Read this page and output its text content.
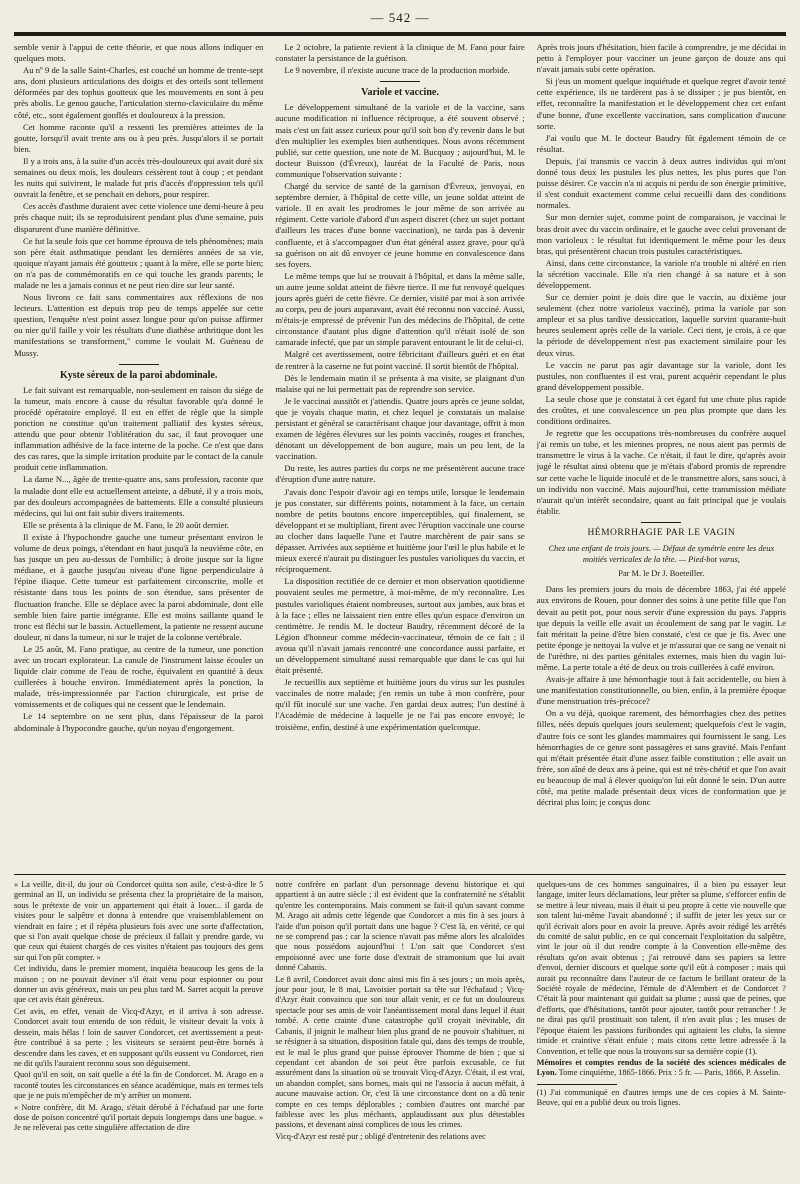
— 542 —

semble venir à l'appui de cette théorie, et que nous allons indiquer en quelques mots.

Au nº 9 de la salle Saint-Charles, est couché un homme de trente-sept ans, dont plusieurs articulations des doigts et des orteils sont tellement déformées par des tophus goutteux que les mouvements en sont à peu près abolis. Le genou gauche, l'articulation sterno-claviculaire du même côté, etc., sont également gonflés et douloureux à la pression.

Cet homme raconte qu'il a ressenti les premières atteintes de la goutte, lorsqu'il avait trente ans ou à peu près. Jusqu'alors il se portait bien.

Il y a trois ans, à la suite d'un accès très-douloureux qui avait duré six semaines ou deux mois, les douleurs cessèrent tout à coup ; et pendant les nuits qui suivirent, le malade fut pris d'accès d'oppression tels qu'il ouvrait la fenêtre, et se penchait en dehors, pour respirer.

Ces accès d'asthme duraient avec cette violence une demi-heure à peu près chaque nuit; ils se reproduisirent pendant plus d'une semaine, puis disparurent d'une manière définitive.

Ce fut la seule fois que cet homme éprouva de tels phénomènes; mais son père était asthmatique pendant les dernières années de sa vie, quoique n'ayant jamais été goutteux ; quant à la mère, elle se porte bien; on n'a pas de commémoratifs en ce qui touche les grands parents; le malade ne les a jamais connus et ne peut rien dire sur leur santé.

Nous livrons ce fait sans commentaires aux réflexions de nos lecteurs. L'attention est depuis trop peu de temps appelée sur cette question, l'enquête n'est point assez longue pour qu'on puisse affirmer ou nier qu'il faille y voir les résultats d'une diathèse arthritique dont les manifestations se transforment," comme le voulait M. Guéneau de Mussy.

Kyste séreux de la paroi abdominale.

Le fait suivant est remarquable, non-seulement en raison du siége de la tumeur, mais encore à cause du résultat favorable qu'a donné le procédé opératoire employé. Il est en effet de règle que la simple ponction ne constitue qu'un traitement palliatif des kystes séreux, attendu que pour obtenir l'oblitération du sac, il faut provoquer une inflammation adhésive de la face interne de la poche. Ce n'est que dans des cas rares, que la simple irritation produite par le contact de la canule produit cette inflammation.

La dame N..., âgée de trente-quatre ans, sans profession, raconte que la maladie dont elle est actuellement atteinte, a débuté, il y a trois mois, par des douleurs accompagnées de battements. Elle a consulté plusieurs médecins, qui lui ont fait subir divers traitements.

Elle se présenta à la clinique de M. Fano, le 20 août dernier.

Il existe à l'hypochondre gauche une tumeur présentant environ le volume de deux poings, s'étendant en haut jusqu'à la neuvième côte, en bas jusque un peu au-dessus de l'ombilic; à droite jusque sur la ligne médiane, et à gauche jusqu'au niveau d'une ligne perpendiculaire à l'épine iliaque. Cette tumeur est parfaitement circonscrite, molle et résistante dans tous les points de son étendue, sans présenter de fluctuation franche. Elle se déplace avec la paroi abdominale, dont elle semble bien faire partie intégrante. Elle est moins saillante quand le tronc est fléchi sur le bassin. Actuellement, la patiente ne ressent aucune douleur, ni dans la tumeur, ni sur le trajet de la colonne vertébrale.

Le 25 août, M. Fano pratique, au centre de la tumeur, une ponction avec un trocart explorateur. La canule de l'instrument laisse écouler un liquide clair comme de l'eau de roche, équivalent en quantité à deux cuillerées à bouche environ. Immédiatement après la ponction, la malade, très-impressionnée par l'action chirurgicale, est prise de vomissements et de coliques qui ne cessent que le lendemain.

Le 14 septembre on ne sent plus, dans l'épaisseur de la paroi abdominale à l'hypocondre gauche, qu'un noyau d'engorgement.

Le 2 octobre, la patiente revient à la clinique de M. Fano pour faire constater la persistance de la guérison.

Le 9 novembre, il n'existe aucune trace de la production morbide.

Variole et vaccine.

Le développement simultané de la variole et de la vaccine, sans aucune modification ni influence réciproque, a été souvent observé ; mais c'est un fait assez curieux pour qu'il soit bon d'y revenir dans le but d'en multiplier les exemples bien authentiques. Nous avons récemment publié, sur cette question, une note de M. Bucquoy ; aujourd'hui, M. le docteur Buisson (d'Évreux), lauréat de la Faculté de Paris, nous communique l'observation suivante :

Chargé du service de santé de la garnison d'Évreux, jenvoyai, en septembre dernier, à l'hôpital de cette ville, un jeune soldat atteint de variole. Il en avait les prodromes le jour même de son arrivée au régiment. Cette variole d'abord d'un aspect discret (chez un sujet portant d'ailleurs les traces d'une bonne vaccination), ne tarda pas à devenir confluente, et à s'accompagner d'un état général assez grave, pour qu'à sa guérison on ait dû envoyer ce jeune homme en convalescence dans ses foyers.

Le même temps que lui se trouvait à l'hôpital, et dans la même salle, un autre jeune soldat atteint de fièvre tierce. Il me fut renvoyé quelques jours après guéri de cette fièvre. Ce dernier, visité par moi à son arrivée au corps, peu de jours auparavant, avait été reconnu non vacciné. Aussi, m'étais-je empressé de prévenir l'un des médecins de l'hôpital, de cette circonstance d'autant plus digne d'attention qu'il n'était isolé de son camarade infecté, que par un simple paravent entourant le lit de celui-ci.

Malgré cet avertissement, notre fébricitant d'ailleurs guéri et en état de rentrer à la caserne ne fut point vacciné. Il sortit bientôt de l'hôpital.

Dès le lendemain matin il se présenta à ma visite, se plaignant d'un malaise qui ne lui permettait pas de reprendre son service.

Je le vaccinai aussitôt et j'attendis. Quatre jours après ce jeune soldat, que je voyais chaque matin, et chez lequel je constatais un malaise persistant et général se caractérisant chaque jour davantage, offrit à mon examen de légères élevures sur les points vaccinés, rouges et franches, dénotant un développement de bon augure, mais un peu lent, de la vaccination.

Du reste, les autres parties du corps ne me présentèrent aucune trace d'éruption d'une autre nature.

J'avais donc l'espoir d'avoir agi en temps utile, lorsque le lendemain je pus constater, sur différents points, notamment à la face, un certain nombre de petits boutons encore imperceptibles, qui finalement, se développant et se multipliant, firent avec l'éruption vaccinale une course au clocher dans laquelle l'une et l'autre marchèrent de pair sans se dépasser. Arrivées aux septième et huitième jour l'œil le plus habile et le mieux exercé n'aurait pu distinguer les pustules varioliques du vaccin, et réciproquement.

La disposition rectifiée de ce dernier et mon observation quotidienne pouvaient seules me permettre, à moi-même, de m'y reconnaître. Les pustules varioliques étaient nombreuses, surtout aux jambes, aux bras et à la face ; elles ne laissaient rien entre elles qu'un espace d'environ un centimètre. Je rendis M. le docteur Baudry, récemment décoré de la Légion d'honneur comme médecin-vaccinateur, témoin de ce fait ; il avoua qu'il n'avait jamais rencontré une concordance aussi parfaite, et un développement simultané aussi remarquable que dans le cas qui lui était présenté.

Je recueillis aux septième et huitième jours du virus sur les pustules vaccinales de notre malade; j'en remis un tube à mon confrère, pour qu'il fût inoculé sur une vache. J'en gardai deux autres; l'un destiné à l'Académie de médecine à laquelle je ne l'ai pas encore envoyé; le troisième, enfin, destiné à une expérimentation quelconque.

Après trois jours d'hésitation, bien facile à comprendre, je me décidai in petto à l'employer pour vacciner un jeune garçon de douze ans qui n'avait jamais subi cette opération.

Si j'eus un moment quelque inquiétude et quelque regret d'avoir tenté cette expérience, ils ne tardèrent pas à se dissiper ; je pus bientôt, en effet, reconnaître la manifestation et le développement chez cet enfant d'une bonne, d'une excellente vaccination, sans complication d'aucune sorte.

J'ai voulu que M. le docteur Baudry fût également témoin de ce résultat.

Depuis, j'ai transmis ce vaccin à deux autres individus qui m'ont donné tous deux les pustules les plus nettes, les plus pures que l'on puisse désirer. Ce vaccin n'a ni acquis ni perdu de son énergie primitive, il s'est conduit exactement comme celui recueilli dans des conditions normales.

Sur mon dernier sujet, comme point de comparaison, je vaccinai le bras droit avec du vaccin ordinaire, et le gauche avec celui provenant de mon varioleux : le résultat fut identiquement le même pour les deux bras, qui présentèrent chacun trois pustules caractéristiques.

Ainsi, dans cette circonstance, la variole n'a trouble ni altéré en rien la sécrétion vaccinale. Elle n'a rien changé à sa nature et à son développement.

Sur ce dernier point je dois dire que le vaccin, au dixième jour seulement (chez notre varioleux vacciné), prima la variole par son ampleur et sa plus tardive dessiccation, laquelle survint quarante-huit heures seulement après celle de la variole. Ceci tient, je crois, à ce que la période de développement n'est pas exactement similaire pour les deux virus.

Le vaccin ne parut pas agir davantage sur la variole, dont les pustules, non confluentes il est vrai, purent acquérir cependant le plus grand développement possible.

La seule chose que je constatai à cet égard fut une chute plus rapide des croûtes, et une convalescence un peu plus prompte que dans les conditions ordinaires.

Je regrette que les occupations très-nombreuses du confrère auquel j'ai remis un tube, et les miennes propres, ne nous aient pas permis de transmettre le virus à la vache. Ce n'était, il faut le dire, qu'après avoir jugé le résultat ainsi obtenu que je m'étais d'abord promis de reprendre sur cette vache le liquide inoculé et de le transmettre alors, sans souci, à un individu non vacciné. Mais aujourd'hui, cette transmission médiate n'aurait qu'un intérêt secondaire, quant au fait principal que je voulais établir.

HÉMORRHAGIE PAR LE VAGIN
Chez une enfant de trois jours. — Défaut de symétrie entre les deux moitiés verticales de la tête. — Pied-bot varus,
Par M. le Dr J. Boeteiller.

Dans les premiers jours du mois de décembre 1863, j'ai été appelé aux environs de Rouen, pour donner des soins à une petite fille que l'on devait au petit pot, pour nous servir d'une expression du pays. J'appris que depuis la veille elle avait un écoulement de sang par le vagin. Le fait méritait la peine d'être bien constaté, c'est ce que je fis. Avec une petite éponge je nettoyai la vulve et je m'assurai que ce sang ne venait ni de l'urèthre, ni des parties génitales externes, mais bien du vagin lui-même. La perte totale a été de deux ou trois cuillerées à café environ.

Avais-je affaire à une hémorrhagie tout à fait accidentelle, ou bien à une manifestation constitutionnelle, ou bien, enfin, à la première époque d'une menstruation très-précoce?

On a vu déjà, quoique rarement, des hémorrhagies chez des petites filles, néés depuis quelques jours seulement; quelquefois c'est le vagin, d'autre fois ce sont les glandes mammaires qui fournissent le sang. Les hémorrhagies de ce genre sont passagères et sans gravité. Mais l'enfant qui m'était présentée était d'une assez faible constitution ; elle avait un frère, son aîné de deux ans à peine, qui est né très-chétif et que l'on avait eu beaucoup de mal à élever quoiqu'on lui eût donné le sein. D'un autre côté, ma petite malade présentait deux vices de conformation que je décrirai plus loin; je conçus donc

« La veille, dit-il, du jour où Condorcet quitta son asile, c'est-à-dire le 5 germinal an II, un individu se présenta chez la propriétaire de la maison, sous le prétexte de voir un appartement qui était à louer... il garda de visites pour le salpêtre et donna à entendre que vraisemblablement on viendrait en faire ; et il répéta plusieurs fois avec une sorte d'affectation, que si l'on avait quelque chose de précieux il fallait y prendre garde, vu que ceux qui étaient chargés de ces visites n'étaient pas toujours des gens sur qui l'on pût compter. »

Cet individu, dans le premier moment, inquiéta beaucoup les gens de la maison ; on ne pouvait deviner s'il était venu pour espionner ou pour donner un avis généreux, mais un peu plus tard M. Sarret acquit la preuve que cet avis était généreux.

Cet avis, en effet, venait de Vicq-d'Azyr, et il arriva à son adresse. Condorcet avait tout entendu de son réduit, le visiteur devait la voix à dessein, mais hélas ! loin de sauver Condorcet, cet avertissement a peut-être contribué à sa perte ; les visiteurs se seraient peut-être bornés à descendre dans les caves, et en supposant qu'ils eussent vu Condorcet, rien ne dit qu'ils l'auraient reconnu sous son déguisement.

Quoi qu'il en soit, on sait quelle a été la fin de Condorcet. M. Arago en a raconté toutes les circonstances en séance académique, mais en termes tels que je ne puis m'empêcher de m'y arrêter un moment.

« Notre confrère, dit M. Arago, s'était dérobé à l'échafaud par une forte dose de poison concentré qu'il portait depuis longtemps dans une bague. » Je ne relèverai pas cette singulière affectation de dire

notre confrère en parlant d'un personnage devenu historique et qui appartient à un autre siècle ; il est évident que la confraternité ne s'établit qu'entre les contemporains. Mais comment se fait-il qu'un savant comme M. Arago ait admis cette légende que Condorcet a mis fin à ses jours à l'aide d'un poison qu'il portait dans une bague ? C'est là, en vérité, ce qui ne se comprend pas ; car la science n'avait pas même alors les alcaloïdes que nous possédons aujourd'hui ! L'on sait que Condorcet s'est empoisonné avec une forte dose d'extrait de stramonium que lui avait donné Cabanis.

Le 8 avril, Condorcet avait donc ainsi mis fin à ses jours ; un mois après, jour pour jour, le 8 mai, Lavoisier portait sa tête sur l'échafaud ; Vicq-d'Azyr était convaincu que son tour allait venir, et ce fut un douloureux spectacle pour ses amis de voir l'anéantissement moral dans lequel il était tombé. A cette crainte d'une catastrophe qu'il croyait inévitable, dit Cabanis, il joignit le malheur bien plus grand de ne pouvoir s'habituer, ni se résigner à sa situation, disposition fatale qui, dans des temps de trouble, est le mal le plus grand que puisse éprouver l'homme de bien ; que si cependant cet abandon de soi peut être parfois excusable, ce fut assurément dans la situation où se trouvait Vicq-d'Azyr. C'était, il est vrai, un abandon complet, sans bornes, mais qui ne l'associa à aucun méfait, à aucune mauvaise action. Or, c'est là une circonstance dont on a dû tenir compte en ces temps déplorables ; combien d'autres ont marché par faiblesse avec les plus méchants, applaudissant aux plus détestables passions, et devenant ainsi complices de tous les crimes.

Vicq-d'Azyr est resté pur ; obligé d'entretenir des relations avec

quelques-uns de ces hommes sanguinaires, il a bien pu essayer leur langage, imiter leurs déclamations, leur prêter sa plume, s'efforcer enfin de se mettre à leur niveau, mais il était si peu propre à cette vie nouvelle que son talent lui-même l'avait abandonné ; il suffit de jeter les yeux sur ce qu'il écrivait alors pour en avoir la preuve. Après avoir rédigé les arrêtés du comité de salut public, en ce qui concernait l'exploitation du salpêtre, vint le jour où il dut rendre compte à la Convention elle-même des résultats qu'on avait obtenus ; j'ai retrouvé dans ses papiers sa lettre d'envoi, dernier discours et quelque sorte qu'il eût à composer ; mais qui aurait pu reconnaître dans l'auteur de ce factum le brillant orateur de la Société royale de médecine, l'émule de d'Alembert et de Condorcet ? C'était là pour maintenant qui guidait sa plume ; aussi que de peines, que d'efforts, que d'hésitations, tantôt pour ajouter, tantôt pour retrancher ! Je ne dirai pas qu'il prostituait son talent, il n'en avait plus ; les muses de l'époque étaient les passions furibondes qui agitaient les clubs, la sienne timide et craintive s'était enfuie ; mais citons cette lettre adressée à la Convention, et telle que nous la trouvons sur sa dernière copie (1).

Mémoires et comptes rendus de la société des sciences médicales de Lyon. Tome cinquième, 1865-1866. Prix : 5 fr. — Paris, 1866, P. Asselin.

(1) J'ai communiqué en d'autres temps une de ces copies à M. Sainte-Beuve, qui en a publié deux ou trois lignes.
